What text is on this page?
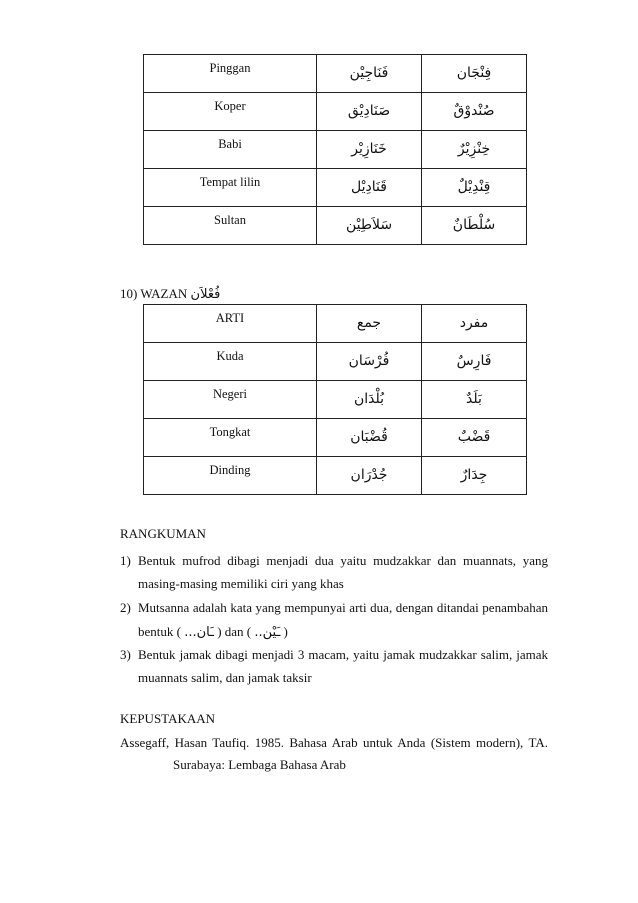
Pinggan	فَنَاجِيْن	فِنْجَان
Koper	صَنَادِيْق	صُنْدوْقٌ
Babi	خَنَازِيْر	خِنْزِيْرٌ
Tempat lilin	قَنَادِيْل	قِنْدِيْلٌ
Sultan	سَلاَطِيْن	سُلْطَانٌ
10) WAZAN فُعْلاَن
ARTI	جمع	مفرد
Kuda	فُرْسَان	فَارِسٌ
Negeri	بُلْدَان	بَلَدٌ
Tongkat	قُضْبَان	قَضْبٌ
Dinding	جُدْرَان	جِدَارٌ
RANGKUMAN
1) Bentuk mufrod dibagi menjadi dua yaitu mudzakkar dan muannats, yang
masing-masing memiliki ciri yang khas
2) Mutsanna adalah kata yang mempunyai arti dua, dengan ditandai penambahan
bentuk ( ـَان... ) dan ( ـَيْن.. )
3) Bentuk jamak dibagi menjadi 3 macam, yaitu jamak mudzakkar salim, jamak
muannats salim, dan jamak taksir
KEPUSTAKAAN
Assegaff, Hasan Taufiq. 1985. Bahasa Arab untuk Anda (Sistem modern), TA.
Surabaya: Lembaga Bahasa Arab
